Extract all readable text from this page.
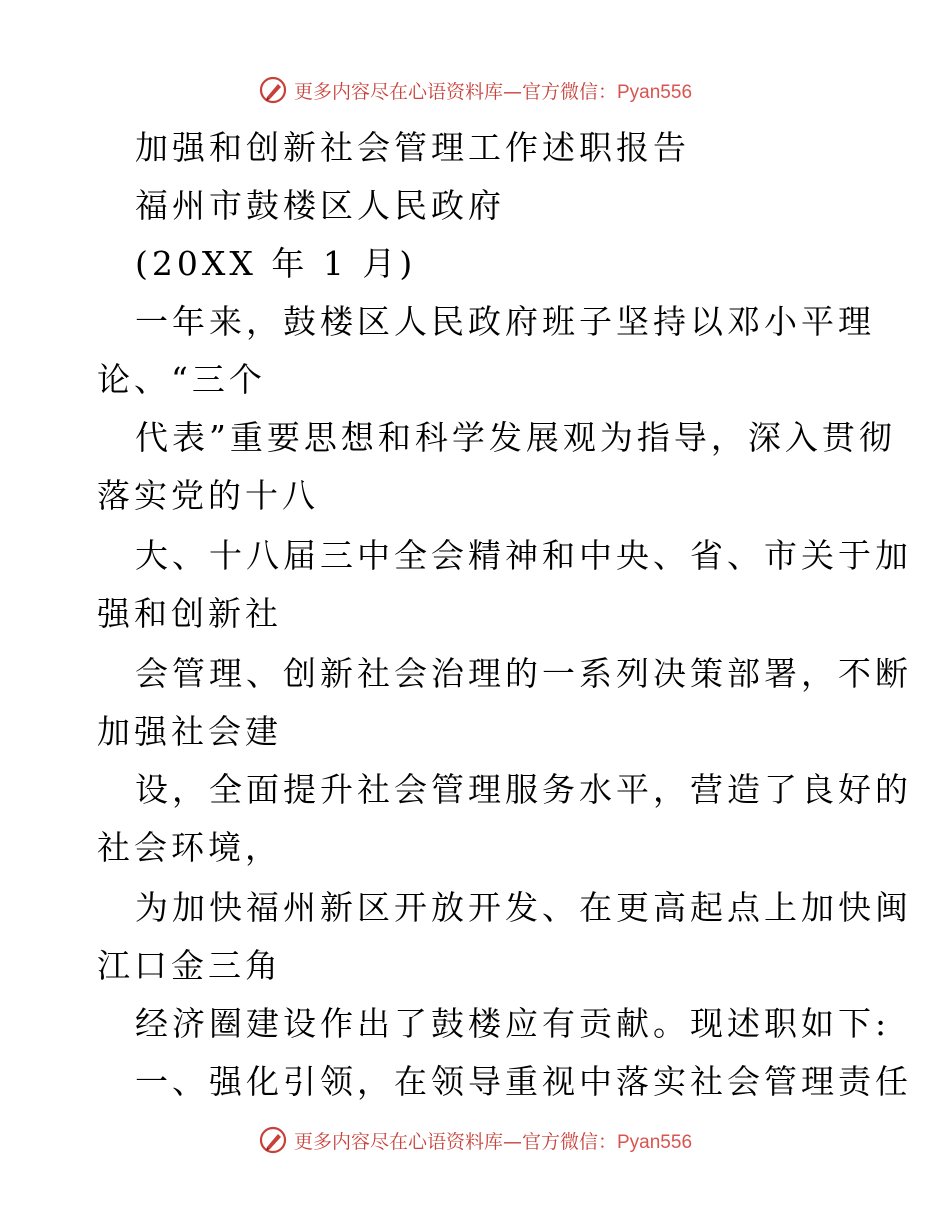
更多内容尽在心语资料库—官方微信：Pyan556
加强和创新社会管理工作述职报告
福州市鼓楼区人民政府
(20XX 年 1 月)
一年来，鼓楼区人民政府班子坚持以邓小平理
论、“三个
代表”重要思想和科学发展观为指导，深入贯彻
落实党的十八
大、十八届三中全会精神和中央、省、市关于加
强和创新社
会管理、创新社会治理的一系列决策部署，不断
加强社会建
设，全面提升社会管理服务水平，营造了良好的
社会环境，
为加快福州新区开放开发、在更高起点上加快闽
江口金三角
经济圈建设作出了鼓楼应有贡献。现述职如下:
一、强化引领，在领导重视中落实社会管理责任
更多内容尽在心语资料库—官方微信：Pyan556
